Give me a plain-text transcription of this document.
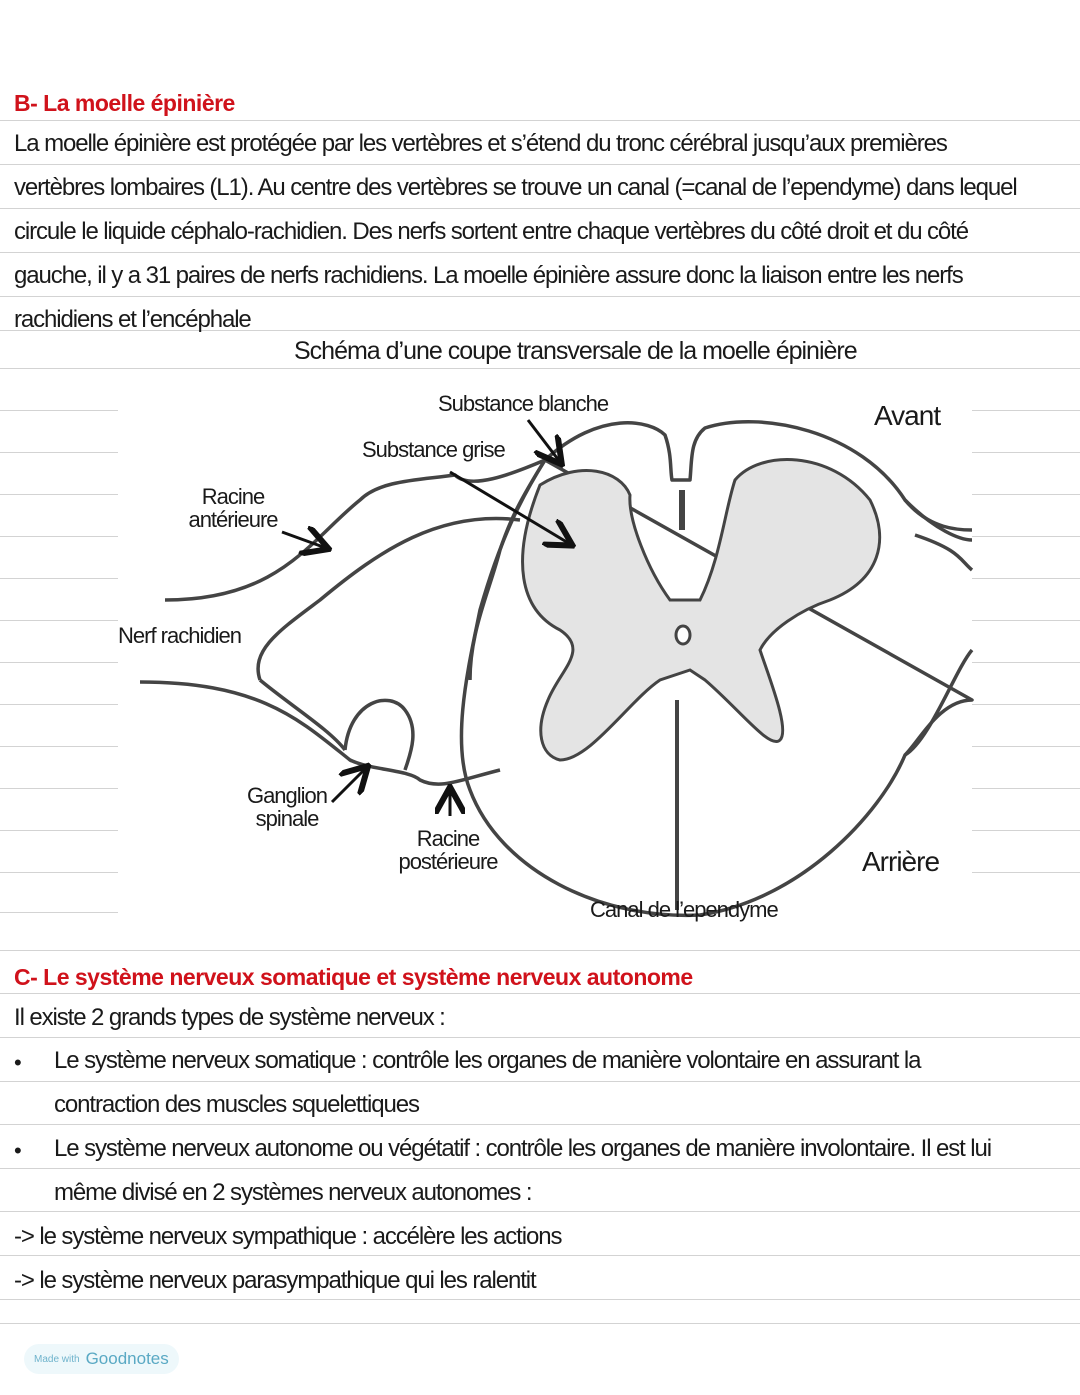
B- La moelle épinière
La moelle épinière est protégée par les vertèbres et s’étend du tronc cérébral jusqu’aux premières
vertèbres lombaires (L1). Au centre des vertèbres se trouve un canal (=canal de l’ependyme) dans lequel
circule le liquide céphalo-rachidien. Des nerfs sortent entre chaque vertèbres du côté droit et du côté
gauche, il y a 31 paires de nerfs rachidiens. La moelle épinière assure donc la liaison entre les nerfs
rachidiens et l’encéphale
Schéma d’une coupe transversale de la moelle épinière
Substance blanche
Substance grise
Avant
Racine
antérieure
Nerf rachidien
Ganglion
spinale
Racine
postérieure	Arrière
Canal de l’ependyme
C- Le système nerveux somatique et système nerveux autonome
Il existe 2 grands types de système nerveux :
• Le système nerveux somatique : contrôle les organes de manière volontaire en assurant la
contraction des muscles squelettiques
• Le système nerveux autonome ou végétatif : contrôle les organes de manière involontaire. Il est lui
même divisé en 2 systèmes nerveux autonomes :
-> le système nerveux sympathique : accélère les actions
-> le système nerveux parasympathique qui les ralentit
Made with Goodnotes
